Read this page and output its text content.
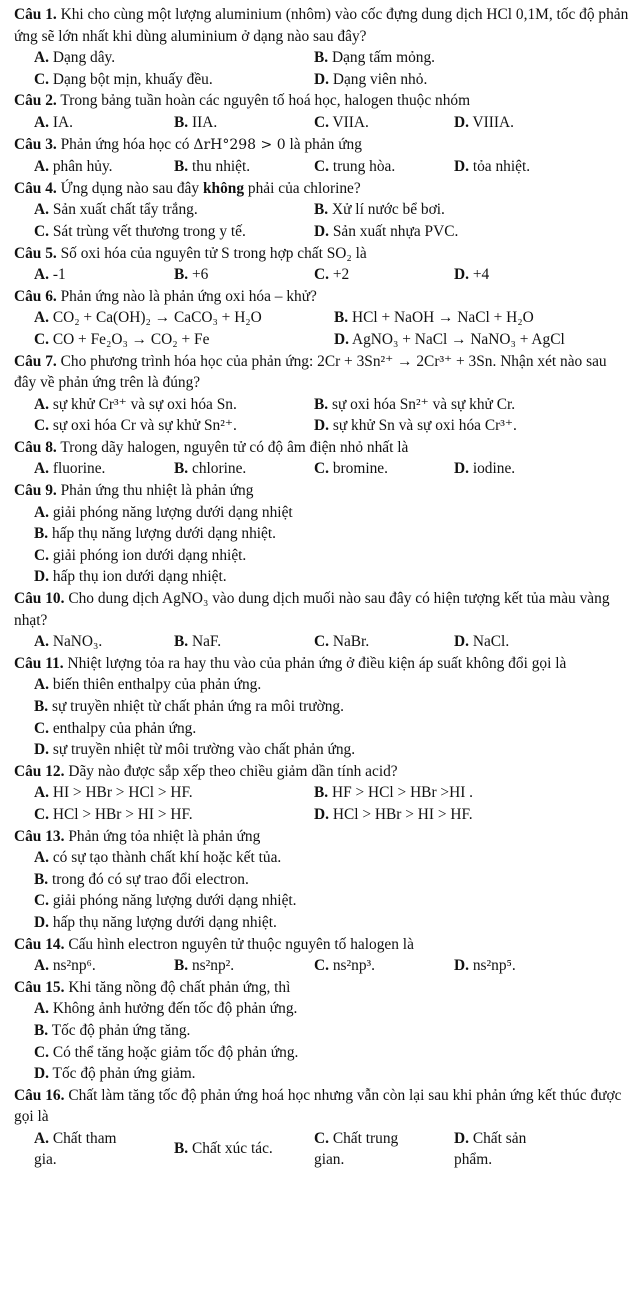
Câu 1. Khi cho cùng một lượng aluminium (nhôm) vào cốc đựng dung dịch HCl 0,1M, tốc độ phản ứng sẽ lớn nhất khi dùng aluminium ở dạng nào sau đây?
A. Dạng dây.	B. Dạng tấm mỏng.
C. Dạng bột mịn, khuấy đều.	D. Dạng viên nhỏ.
Câu 2. Trong bảng tuần hoàn các nguyên tố hoá học, halogen thuộc nhóm
A. IA.	B. IIA.	C. VIIA.	D. VIIIA.
Câu 3. Phản ứng hóa học có ΔrH°298 > 0 là phản ứng
A. phân hủy.	B. thu nhiệt.	C. trung hòa.	D. tỏa nhiệt.
Câu 4. Ứng dụng nào sau đây không phải của chlorine?
A. Sản xuất chất tẩy trắng.	B. Xử lí nước bể bơi.
C. Sát trùng vết thương trong y tế.	D. Sản xuất nhựa PVC.
Câu 5. Số oxi hóa của nguyên tử S trong hợp chất SO₂ là
A. -1	B. +6	C. +2	D. +4
Câu 6. Phản ứng nào là phản ứng oxi hóa – khử?
A. CO₂ + Ca(OH)₂ → CaCO₃ + H₂O	B. HCl + NaOH → NaCl + H₂O
C. CO + Fe₂O₃ → CO₂ + Fe	D. AgNO₃ + NaCl → NaNO₃ + AgCl
Câu 7. Cho phương trình hóa học của phản ứng: 2Cr + 3Sn²⁺ → 2Cr³⁺ + 3Sn. Nhận xét nào sau đây về phản ứng trên là đúng?
A. sự khử Cr³⁺ và sự oxi hóa Sn.	B. sự oxi hóa Sn²⁺ và sự khử Cr.
C. sự oxi hóa Cr và sự khử Sn²⁺.	D. sự khử Sn và sự oxi hóa Cr³⁺.
Câu 8. Trong dãy halogen, nguyên tử có độ âm điện nhỏ nhất là
A. fluorine.	B. chlorine.	C. bromine.	D. iodine.
Câu 9. Phản ứng thu nhiệt là phản ứng
A. giải phóng năng lượng dưới dạng nhiệt
B. hấp thụ năng lượng dưới dạng nhiệt.
C. giải phóng ion dưới dạng nhiệt.
D. hấp thụ ion dưới dạng nhiệt.
Câu 10. Cho dung dịch AgNO₃ vào dung dịch muối nào sau đây có hiện tượng kết tủa màu vàng nhạt?
A. NaNO₃.	B. NaF.	C. NaBr.	D. NaCl.
Câu 11. Nhiệt lượng tỏa ra hay thu vào của phản ứng ở điều kiện áp suất không đổi gọi là
A. biến thiên enthalpy của phản ứng.
B. sự truyền nhiệt từ chất phản ứng ra môi trường.
C. enthalpy của phản ứng.
D. sự truyền nhiệt từ môi trường vào chất phản ứng.
Câu 12. Dãy nào được sắp xếp theo chiều giảm dần tính acid?
A. HI > HBr > HCl > HF.	B. HF > HCl > HBr >HI .
C. HCl > HBr > HI > HF.	D. HCl > HBr > HI > HF.
Câu 13. Phản ứng tỏa nhiệt là phản ứng
A. có sự tạo thành chất khí hoặc kết tủa.
B. trong đó có sự trao đổi electron.
C. giải phóng năng lượng dưới dạng nhiệt.
D. hấp thụ năng lượng dưới dạng nhiệt.
Câu 14. Cấu hình electron nguyên tử thuộc nguyên tố halogen là
A. ns²np⁶.	B. ns²np².	C. ns²np³.	D. ns²np⁵.
Câu 15. Khi tăng nồng độ chất phản ứng, thì
A. Không ảnh hưởng đến tốc độ phản ứng.
B. Tốc độ phản ứng tăng.
C. Có thể tăng hoặc giảm tốc độ phản ứng.
D. Tốc độ phản ứng giảm.
Câu 16. Chất làm tăng tốc độ phản ứng hoá học nhưng vẫn còn lại sau khi phản ứng kết thúc được gọi là
A. Chất tham
gia.
B. Chất xúc tác.
C. Chất trung
gian.
D. Chất sản
phẩm.
